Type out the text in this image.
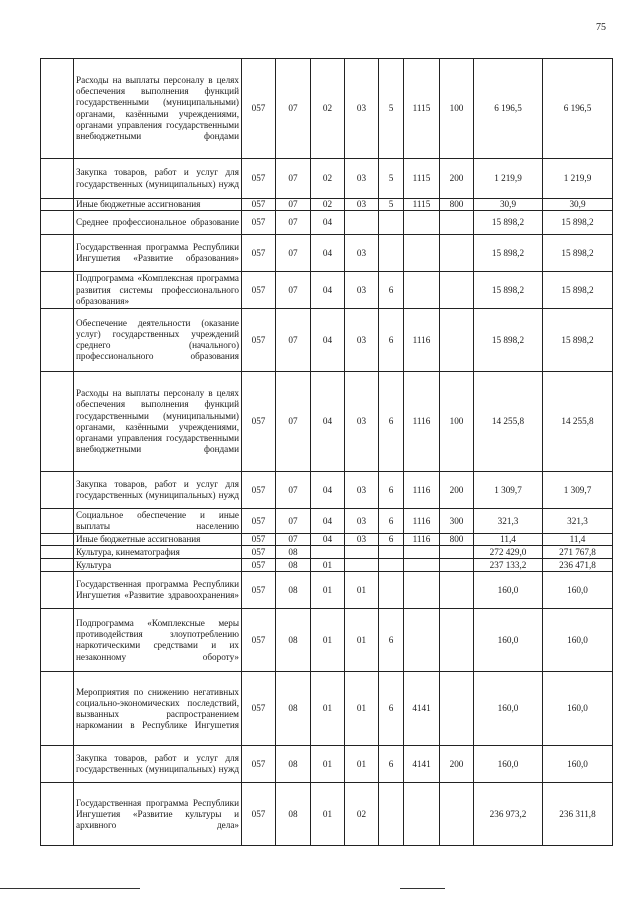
75
	Расходы на выплаты персоналу в целях обеспечения выполнения функций государственными (муниципальными) органами, казёнными учреждениями, органами управления государственными внебюджетными фондами	057	07	02	03	5	1115	100	6 196,5	6 196,5
	Закупка товаров, работ и услуг для государственных (муниципальных) нужд	057	07	02	03	5	1115	200	1 219,9	1 219,9
	Иные бюджетные ассигнования	057	07	02	03	5	1115	800	30,9	30,9
	Среднее профессиональное образование	057	07	04					15 898,2	15 898,2
	Государственная программа Республики Ингушетия «Развитие образования»	057	07	04	03				15 898,2	15 898,2
	Подпрограмма «Комплексная программа развития системы профессионального образования»	057	07	04	03	6			15 898,2	15 898,2
	Обеспечение деятельности (оказание услуг) государственных учреждений среднего (начального) профессионального образования	057	07	04	03	6	1116		15 898,2	15 898,2
	Расходы на выплаты персоналу в целях обеспечения выполнения функций государственными (муниципальными) органами, казёнными учреждениями, органами управления государственными внебюджетными фондами	057	07	04	03	6	1116	100	14 255,8	14 255,8
	Закупка товаров, работ и услуг для государственных (муниципальных) нужд	057	07	04	03	6	1116	200	1 309,7	1 309,7
	Социальное обеспечение и иные выплаты населению	057	07	04	03	6	1116	300	321,3	321,3
	Иные бюджетные ассигнования	057	07	04	03	6	1116	800	11,4	11,4
	Культура, кинематография	057	08						272 429,0	271 767,8
	Культура	057	08	01					237 133,2	236 471,8
	Государственная программа Республики Ингушетия «Развитие здравоохранения»	057	08	01	01				160,0	160,0
	Подпрограмма «Комплексные меры противодействия злоупотреблению наркотическими средствами и их незаконному обороту»	057	08	01	01	6			160,0	160,0
	Мероприятия по снижению негативных социально-экономических последствий, вызванных распространением наркомании в Республике Ингушетия	057	08	01	01	6	4141		160,0	160,0
	Закупка товаров, работ и услуг для государственных (муниципальных) нужд	057	08	01	01	6	4141	200	160,0	160,0
	Государственная программа Республики Ингушетия «Развитие культуры и архивного дела»	057	08	01	02				236 973,2	236 311,8
